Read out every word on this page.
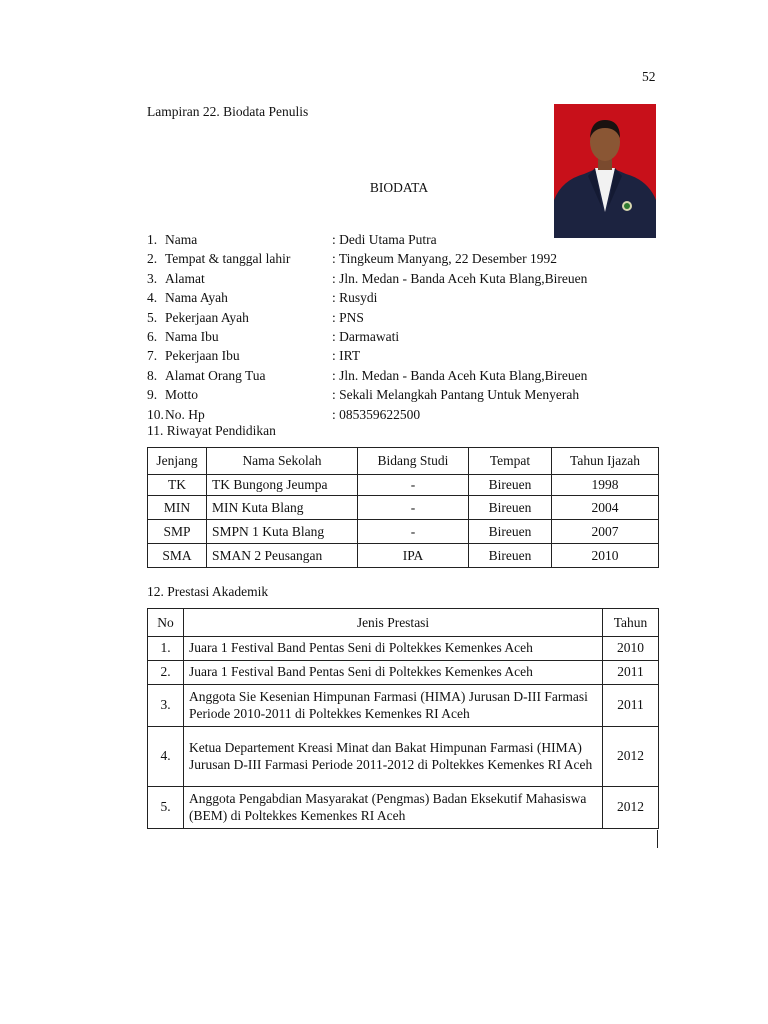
52
Lampiran 22. Biodata Penulis
BIODATA
1. Nama	: Dedi Utama Putra
2. Tempat & tanggal lahir	: Tingkeum Manyang, 22 Desember 1992
3. Alamat	: Jln. Medan - Banda Aceh Kuta Blang,Bireuen
4. Nama Ayah	: Rusydi
5. Pekerjaan Ayah	: PNS
6. Nama Ibu	: Darmawati
7. Pekerjaan Ibu	: IRT
8. Alamat Orang Tua	: Jln. Medan - Banda Aceh Kuta Blang,Bireuen
9. Motto	: Sekali Melangkah Pantang Untuk Menyerah
10. No. Hp	: 085359622500
11. Riwayat Pendidikan
Jenjang	Nama Sekolah	Bidang Studi	Tempat	Tahun Ijazah
TK	TK Bungong Jeumpa	-	Bireuen	1998
MIN	MIN Kuta Blang	-	Bireuen	2004
SMP	SMPN 1 Kuta Blang	-	Bireuen	2007
SMA	SMAN 2 Peusangan	IPA	Bireuen	2010
12. Prestasi Akademik
No	Jenis Prestasi	Tahun
1.	Juara 1 Festival Band Pentas Seni di Poltekkes Kemenkes Aceh	2010
2.	Juara 1 Festival Band Pentas Seni di Poltekkes Kemenkes Aceh	2011
3.	Anggota Sie Kesenian Himpunan Farmasi (HIMA) Jurusan D-III Farmasi Periode 2010-2011 di Poltekkes Kemenkes RI Aceh	2011
4.	Ketua Departement Kreasi Minat dan Bakat Himpunan Farmasi (HIMA) Jurusan D-III Farmasi Periode 2011-2012 di Poltekkes Kemenkes RI Aceh	2012
5.	Anggota Pengabdian Masyarakat (Pengmas) Badan Eksekutif Mahasiswa (BEM) di Poltekkes Kemenkes RI Aceh	2012
